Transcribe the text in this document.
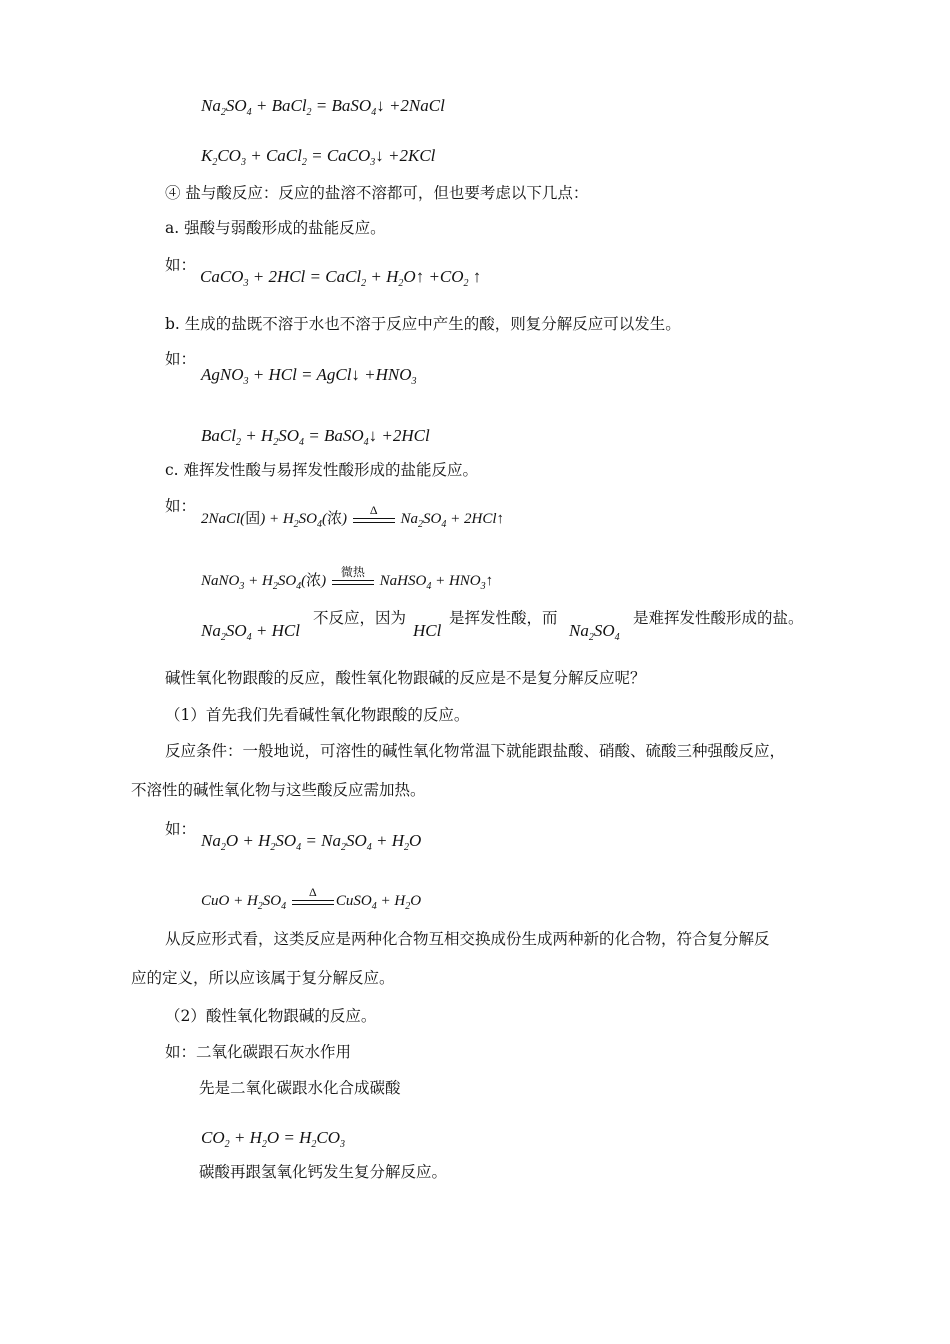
$Na_2SO_4$ + BaCl$_2$ = BaSO$_4$↓ +2NaCl
$K_2CO_3$ + CaCl$_2$ = CaCO$_3$↓ +2KCl
④ 盐与酸反应：反应的盐溶不溶都可，但也要考虑以下几点：
a. 强酸与弱酸形成的盐能反应。
如：
CaCO$_3$ + 2HCl = CaCl$_2$ + $H_2O↑ +CO_2$ ↑
b. 生成的盐既不溶于水也不溶于反应中产生的酸，则复分解反应可以发生。
如：
AgNO$_3$ + HCl = AgCl↓ $+HNO_3$
BaCl$_2$ + $H_2SO_4$ = BaSO$_4$↓ +2HCl
c. 难挥发性酸与易挥发性酸形成的盐能反应。
如：
2NaCl(固) + $H_2SO_4$(浓)
Δ
$Na_2SO_4$ + 2HCl↑
NaNO$_3$ + $H_2SO_4$(浓)
微热
NaHSO$_4$ + $HNO_3↑$
$Na_2SO_4$ + HCl
不反应，因为
HCl
是挥发性酸，而
$Na_2SO_4$
是难挥发性酸形成的盐。
碱性氧化物跟酸的反应，酸性氧化物跟碱的反应是不是复分解反应呢？
（1）首先我们先看碱性氧化物跟酸的反应。
反应条件：一般地说，可溶性的碱性氧化物常温下就能跟盐酸、硝酸、硫酸三种强酸反应，
不溶性的碱性氧化物与这些酸反应需加热。
如：
$Na_2O + H_2SO_4 = Na_2SO_4 + H_2O$
CuO + $H_2SO_4$
Δ
CuSO$_4$ + $H_2O$
从反应形式看，这类反应是两种化合物互相交换成份生成两种新的化合物，符合复分解反
应的定义，所以应该属于复分解反应。
（2）酸性氧化物跟碱的反应。
如：二氧化碳跟石灰水作用
先是二氧化碳跟水化合成碳酸
$CO_2 + H_2O = H_2CO_3$
碳酸再跟氢氧化钙发生复分解反应。
